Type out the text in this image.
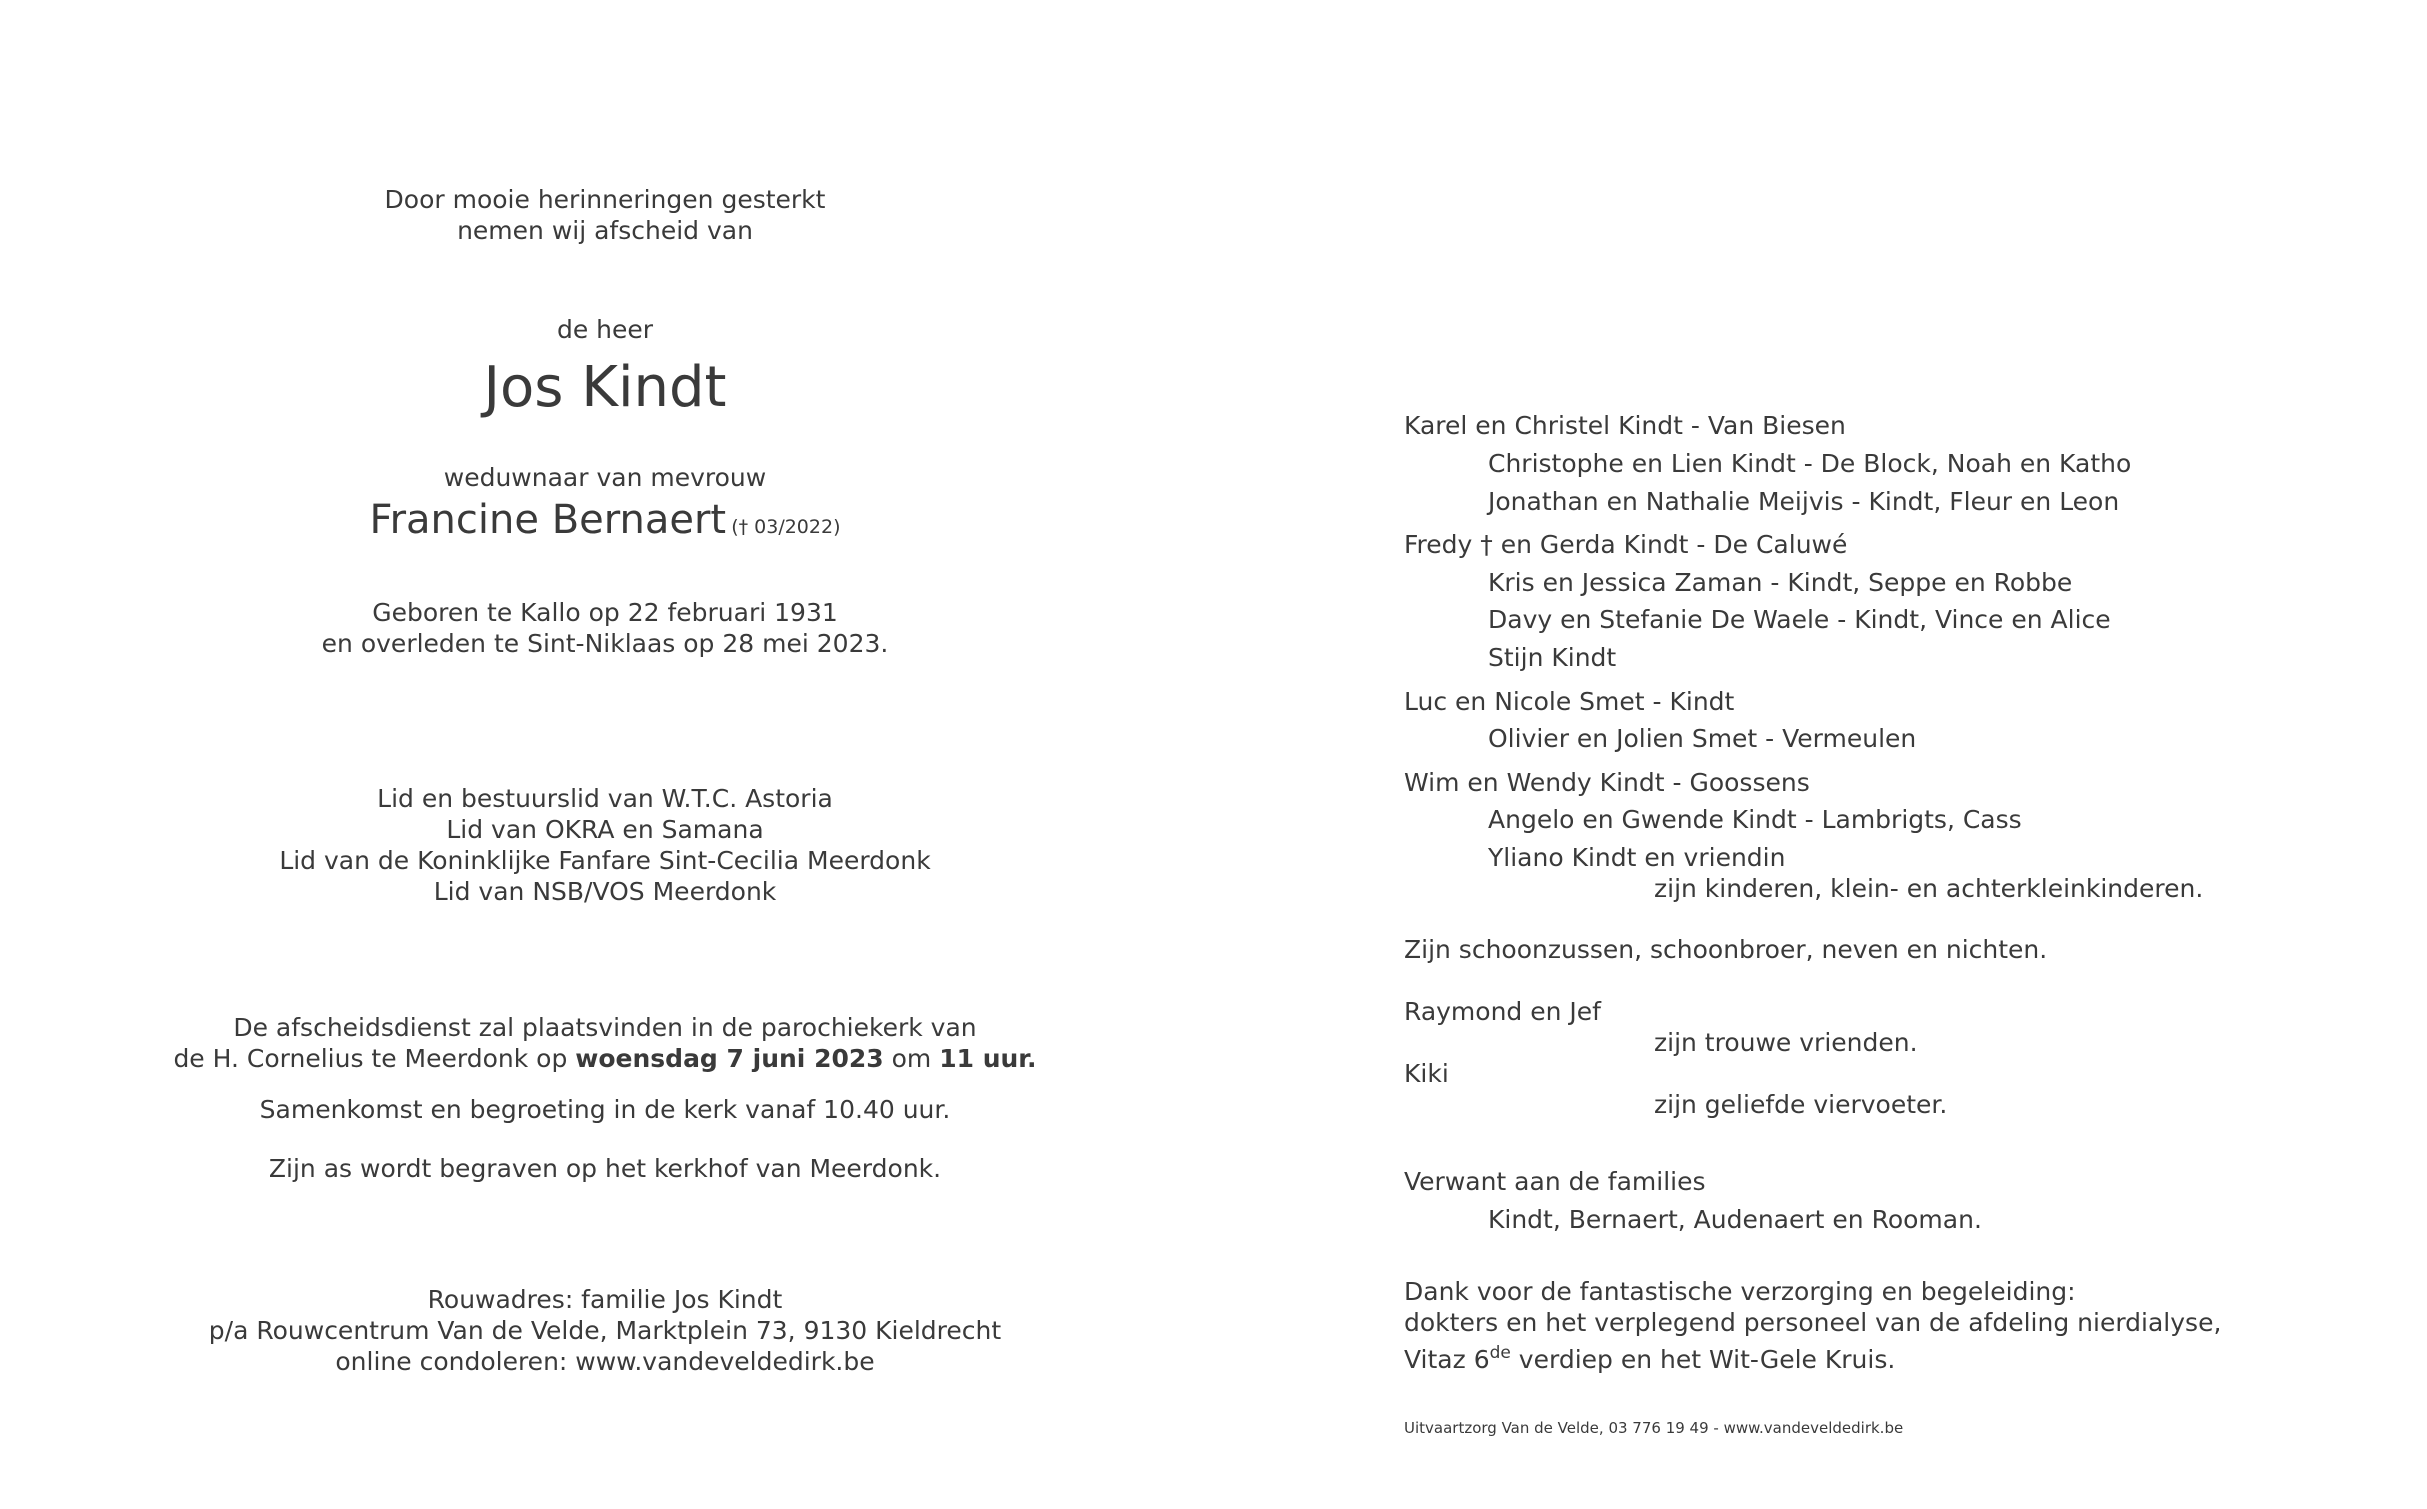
Door mooie herinneringen gesterkt
nemen wij afscheid van
de heer
Jos Kindt
weduwnaar van mevrouw
Francine Bernaert († 03/2022)
Geboren te Kallo op 22 februari 1931
en overleden te Sint-Niklaas op 28 mei 2023.
Lid en bestuurslid van W.T.C. Astoria
Lid van OKRA en Samana
Lid van de Koninklijke Fanfare Sint-Cecilia Meerdonk
Lid van NSB/VOS Meerdonk
De afscheidsdienst zal plaatsvinden in de parochiekerk van
de H. Cornelius te Meerdonk op woensdag 7 juni 2023 om 11 uur.
Samenkomst en begroeting in de kerk vanaf 10.40 uur.
Zijn as wordt begraven op het kerkhof van Meerdonk.
Rouwadres: familie Jos Kindt
p/a Rouwcentrum Van de Velde, Marktplein 73, 9130 Kieldrecht
online condoleren: www.vandeveldedirk.be
Karel en Christel Kindt - Van Biesen
Christophe en Lien Kindt - De Block, Noah en Katho
Jonathan en Nathalie Meijvis - Kindt, Fleur en Leon
Fredy † en Gerda Kindt - De Caluwé
Kris en Jessica Zaman - Kindt, Seppe en Robbe
Davy en Stefanie De Waele - Kindt, Vince en Alice
Stijn Kindt
Luc en Nicole Smet - Kindt
Olivier en Jolien Smet - Vermeulen
Wim en Wendy Kindt - Goossens
Angelo en Gwende Kindt - Lambrigts, Cass
Yliano Kindt en vriendin
zijn kinderen, klein- en achterkleinkinderen.
Zijn schoonzussen, schoonbroer, neven en nichten.
Raymond en Jef
zijn trouwe vrienden.
Kiki
zijn geliefde viervoeter.
Verwant aan de families
Kindt, Bernaert, Audenaert en Rooman.
Dank voor de fantastische verzorging en begeleiding:
dokters en het verplegend personeel van de afdeling nierdialyse,
Vitaz 6de verdiep en het Wit-Gele Kruis.
Uitvaartzorg Van de Velde, 03 776 19 49 - www.vandeveldedirk.be
